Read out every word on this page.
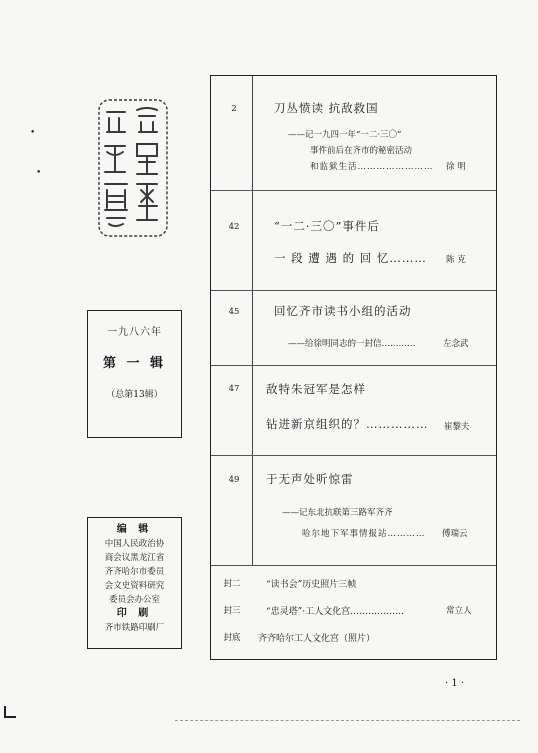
•
•
一九八六年
第 一 辑
（总第13辑）
编 辑
中国人民政治协
商会议黑龙江省
齐齐哈尔市委员
会文史资料研究
委员会办公室
印 刷
齐市铁路印刷厂
2	刀丛愤读 抗敌救国
——记一九四一年“一二·三〇”
事件前后在齐市的秘密活动
和监狱生活…………………… 徐 明
42	“一二·三〇”事件后
一 段 遭 遇 的 回 忆……… 陈 克
45	回忆齐市读书小组的活动
——给徐明同志的一封信…………	左念武
47	敌特朱冠军是怎样
钻进新京组织的？…………… 崔黎夫
49	于无声处听惊雷
——记东北抗联第三路军齐齐
哈尔地下军事情报站………… 傅瑞云
封二	“读书会”历史照片三帧
封三	“忠灵塔”·工人文化宫………………	常立人
封底	齐齐哈尔工人文化宫（照片）
· 1 ·
